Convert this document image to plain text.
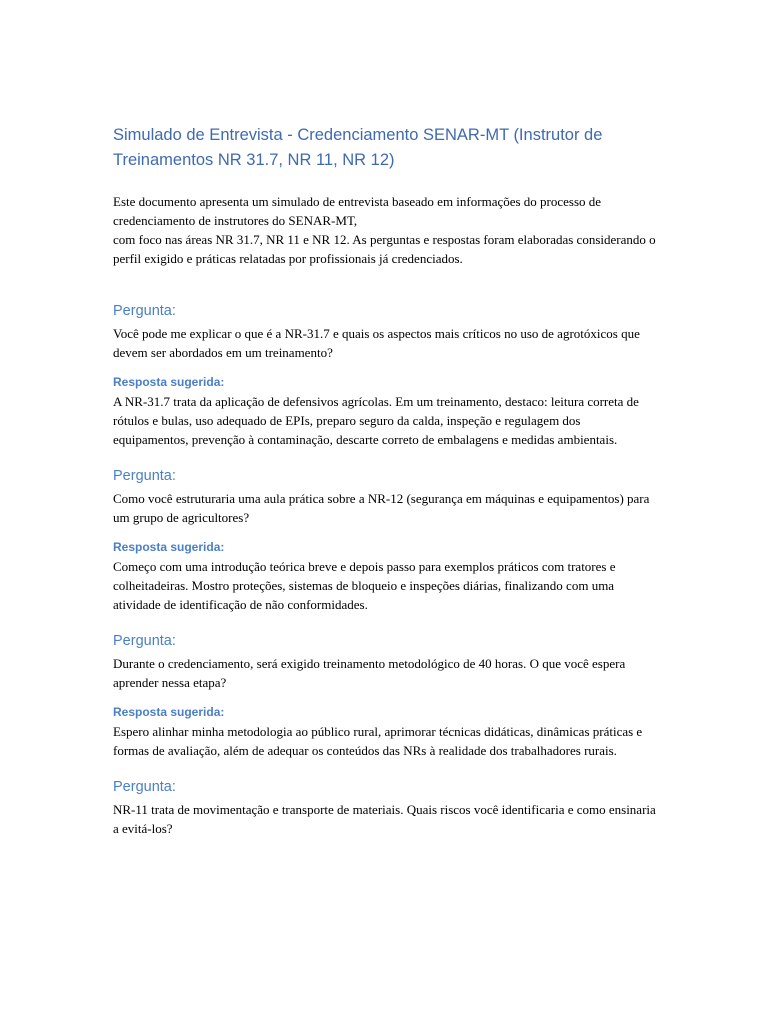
Simulado de Entrevista - Credenciamento SENAR-MT (Instrutor de Treinamentos NR 31.7, NR 11, NR 12)

Este documento apresenta um simulado de entrevista baseado em informações do processo de credenciamento de instrutores do SENAR-MT,

com foco nas áreas NR 31.7, NR 11 e NR 12. As perguntas e respostas foram elaboradas considerando o perfil exigido e práticas relatadas por profissionais já credenciados.

Pergunta:

Você pode me explicar o que é a NR-31.7 e quais os aspectos mais críticos no uso de agrotóxicos que devem ser abordados em um treinamento?

Resposta sugerida:

A NR-31.7 trata da aplicação de defensivos agrícolas. Em um treinamento, destaco: leitura correta de rótulos e bulas, uso adequado de EPIs, preparo seguro da calda, inspeção e regulagem dos equipamentos, prevenção à contaminação, descarte correto de embalagens e medidas ambientais.

Pergunta:

Como você estruturaria uma aula prática sobre a NR-12 (segurança em máquinas e equipamentos) para um grupo de agricultores?

Resposta sugerida:

Começo com uma introdução teórica breve e depois passo para exemplos práticos com tratores e colheitadeiras. Mostro proteções, sistemas de bloqueio e inspeções diárias, finalizando com uma atividade de identificação de não conformidades.

Pergunta:

Durante o credenciamento, será exigido treinamento metodológico de 40 horas. O que você espera aprender nessa etapa?

Resposta sugerida:

Espero alinhar minha metodologia ao público rural, aprimorar técnicas didáticas, dinâmicas práticas e formas de avaliação, além de adequar os conteúdos das NRs à realidade dos trabalhadores rurais.

Pergunta:

NR-11 trata de movimentação e transporte de materiais. Quais riscos você identificaria e como ensinaria a evitá-los?
